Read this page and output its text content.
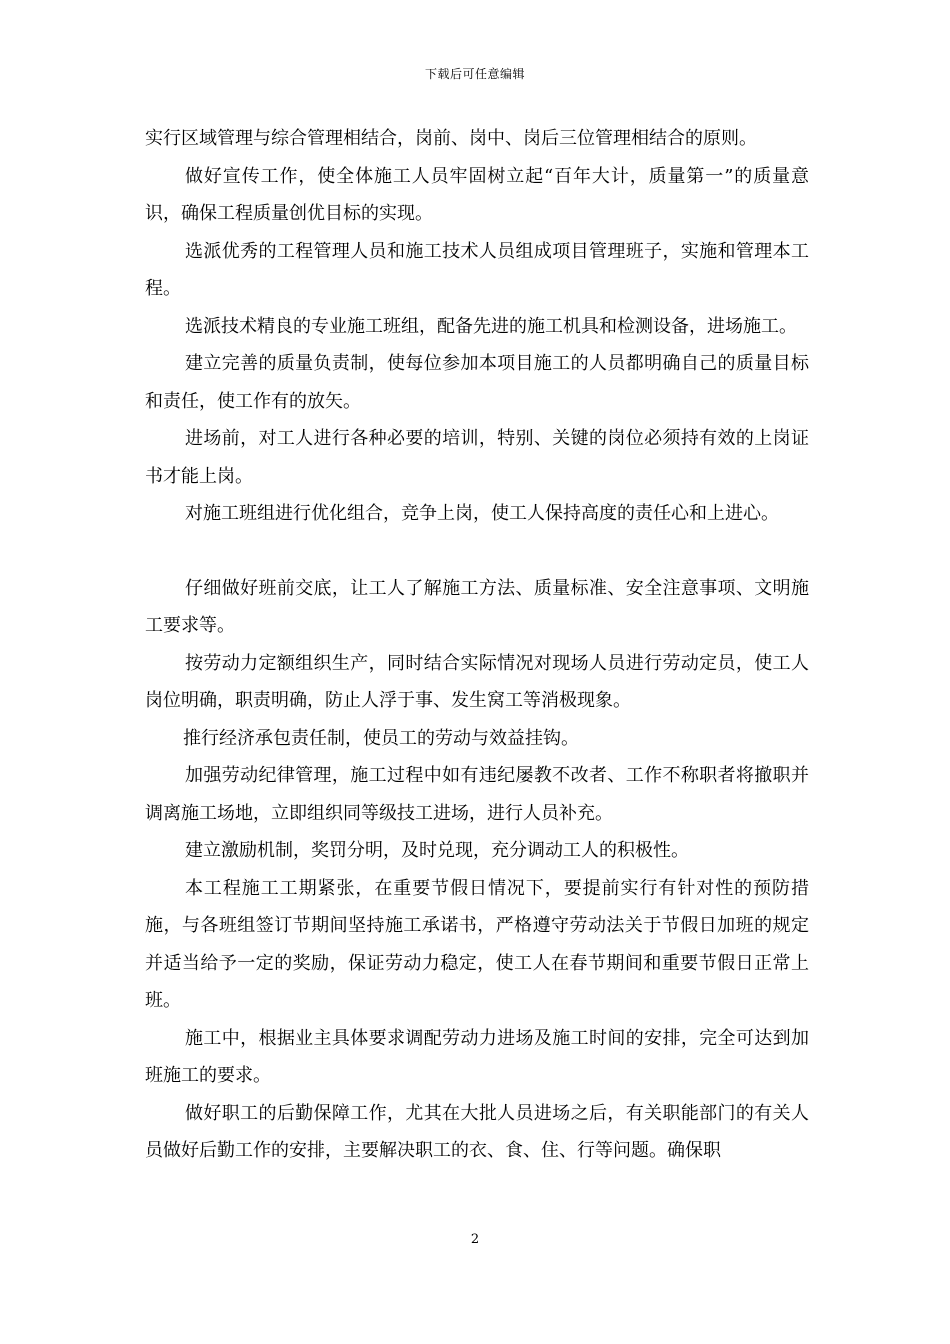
下载后可任意编辑

实行区域管理与综合管理相结合，岗前、岗中、岗后三位管理相结合的原则。

做好宣传工作，使全体施工人员牢固树立起“百年大计，质量第一”的质量意识，确保工程质量创优目标的实现。

选派优秀的工程管理人员和施工技术人员组成项目管理班子，实施和管理本工程。

选派技术精良的专业施工班组，配备先进的施工机具和检测设备，进场施工。

建立完善的质量负责制，使每位参加本项目施工的人员都明确自己的质量目标和责任，使工作有的放矢。

进场前，对工人进行各种必要的培训，特别、关键的岗位必须持有效的上岗证书才能上岗。

对施工班组进行优化组合，竞争上岗，使工人保持高度的责任心和上进心。

仔细做好班前交底，让工人了解施工方法、质量标准、安全注意事项、文明施工要求等。

按劳动力定额组织生产，同时结合实际情况对现场人员进行劳动定员，使工人岗位明确，职责明确，防止人浮于事、发生窝工等消极现象。

推行经济承包责任制，使员工的劳动与效益挂钩。

加强劳动纪律管理，施工过程中如有违纪屡教不改者、工作不称职者将撤职并调离施工场地，立即组织同等级技工进场，进行人员补充。

建立激励机制，奖罚分明，及时兑现，充分调动工人的积极性。

本工程施工工期紧张，在重要节假日情况下，要提前实行有针对性的预防措施，与各班组签订节期间坚持施工承诺书，严格遵守劳动法关于节假日加班的规定并适当给予一定的奖励，保证劳动力稳定，使工人在春节期间和重要节假日正常上班。

施工中，根据业主具体要求调配劳动力进场及施工时间的安排，完全可达到加班施工的要求。

做好职工的后勤保障工作，尤其在大批人员进场之后，有关职能部门的有关人员做好后勤工作的安排，主要解决职工的衣、食、住、行等问题。确保职

2
